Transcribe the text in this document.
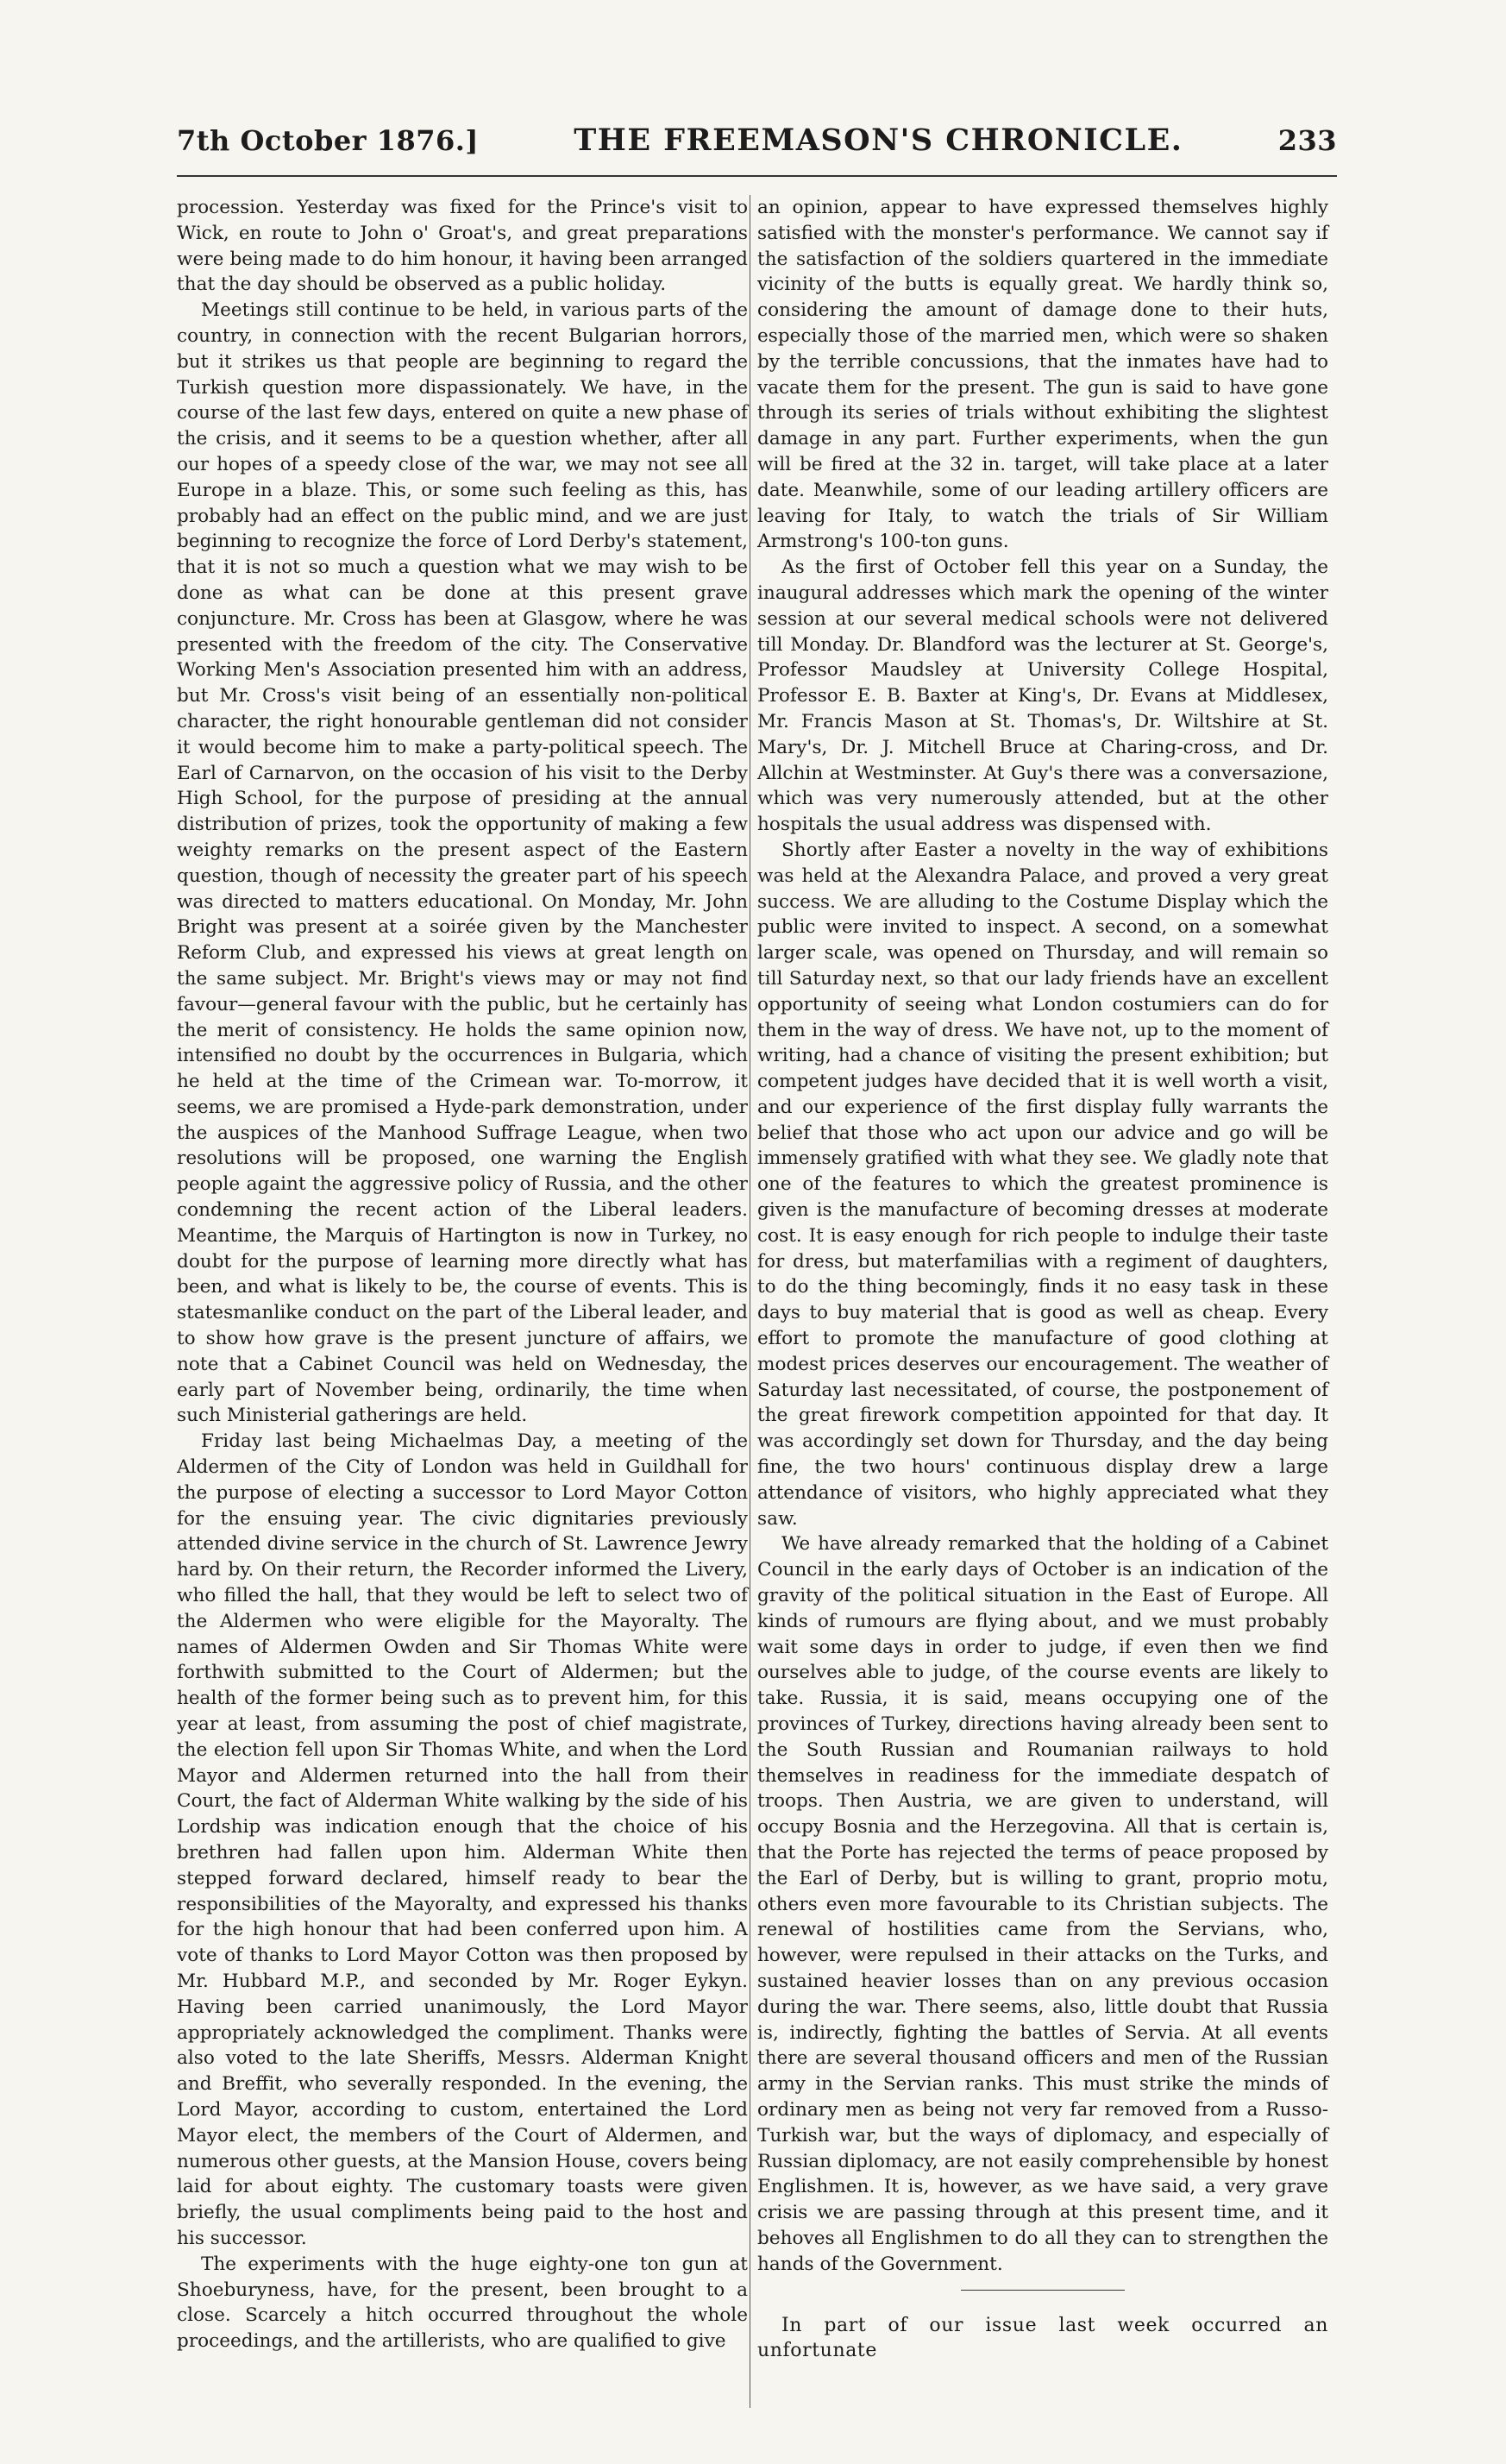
7th October 1876.]	THE FREEMASON'S CHRONICLE.	233

procession. Yesterday was fixed for the Prince's visit to Wick, en route to John o' Groat's, and great preparations were being made to do him honour, it having been arranged that the day should be observed as a public holiday.

Meetings still continue to be held, in various parts of the country, in connection with the recent Bulgarian horrors, but it strikes us that people are beginning to regard the Turkish question more dispassionately. We have, in the course of the last few days, entered on quite a new phase of the crisis, and it seems to be a question whether, after all our hopes of a speedy close of the war, we may not see all Europe in a blaze. This, or some such feeling as this, has probably had an effect on the public mind, and we are just beginning to recognize the force of Lord Derby's statement, that it is not so much a question what we may wish to be done as what can be done at this present grave conjuncture. Mr. Cross has been at Glasgow, where he was presented with the freedom of the city. The Conservative Working Men's Association presented him with an address, but Mr. Cross's visit being of an essentially non-political character, the right honourable gentleman did not consider it would become him to make a party-political speech. The Earl of Carnarvon, on the occasion of his visit to the Derby High School, for the purpose of presiding at the annual distribution of prizes, took the opportunity of making a few weighty remarks on the present aspect of the Eastern question, though of necessity the greater part of his speech was directed to matters educational. On Monday, Mr. John Bright was present at a soirée given by the Manchester Reform Club, and expressed his views at great length on the same subject. Mr. Bright's views may or may not find favour—general favour with the public, but he certainly has the merit of consistency. He holds the same opinion now, intensified no doubt by the occurrences in Bulgaria, which he held at the time of the Crimean war. To-morrow, it seems, we are promised a Hyde-park demonstration, under the auspices of the Manhood Suffrage League, when two resolutions will be proposed, one warning the English people againt the aggressive policy of Russia, and the other condemning the recent action of the Liberal leaders. Meantime, the Marquis of Hartington is now in Turkey, no doubt for the purpose of learning more directly what has been, and what is likely to be, the course of events. This is statesmanlike conduct on the part of the Liberal leader, and to show how grave is the present juncture of affairs, we note that a Cabinet Council was held on Wednesday, the early part of November being, ordinarily, the time when such Ministerial gatherings are held.

Friday last being Michaelmas Day, a meeting of the Aldermen of the City of London was held in Guildhall for the purpose of electing a successor to Lord Mayor Cotton for the ensuing year. The civic dignitaries previously attended divine service in the church of St. Lawrence Jewry hard by. On their return, the Recorder informed the Livery, who filled the hall, that they would be left to select two of the Aldermen who were eligible for the Mayoralty. The names of Aldermen Owden and Sir Thomas White were forthwith submitted to the Court of Aldermen; but the health of the former being such as to prevent him, for this year at least, from assuming the post of chief magistrate, the election fell upon Sir Thomas White, and when the Lord Mayor and Aldermen returned into the hall from their Court, the fact of Alderman White walking by the side of his Lordship was indication enough that the choice of his brethren had fallen upon him. Alderman White then stepped forward declared, himself ready to bear the responsibilities of the Mayoralty, and expressed his thanks for the high honour that had been conferred upon him. A vote of thanks to Lord Mayor Cotton was then proposed by Mr. Hubbard M.P., and seconded by Mr. Roger Eykyn. Having been carried unanimously, the Lord Mayor appropriately acknowledged the compliment. Thanks were also voted to the late Sheriffs, Messrs. Alderman Knight and Breffit, who severally responded. In the evening, the Lord Mayor, according to custom, entertained the Lord Mayor elect, the members of the Court of Aldermen, and numerous other guests, at the Mansion House, covers being laid for about eighty. The customary toasts were given briefly, the usual compliments being paid to the host and his successor.

The experiments with the huge eighty-one ton gun at Shoeburyness, have, for the present, been brought to a close. Scarcely a hitch occurred throughout the whole proceedings, and the artillerists, who are qualified to give

an opinion, appear to have expressed themselves highly satisfied with the monster's performance. We cannot say if the satisfaction of the soldiers quartered in the immediate vicinity of the butts is equally great. We hardly think so, considering the amount of damage done to their huts, especially those of the married men, which were so shaken by the terrible concussions, that the inmates have had to vacate them for the present. The gun is said to have gone through its series of trials without exhibiting the slightest damage in any part. Further experiments, when the gun will be fired at the 32 in. target, will take place at a later date. Meanwhile, some of our leading artillery officers are leaving for Italy, to watch the trials of Sir William Armstrong's 100-ton guns.

As the first of October fell this year on a Sunday, the inaugural addresses which mark the opening of the winter session at our several medical schools were not delivered till Monday. Dr. Blandford was the lecturer at St. George's, Professor Maudsley at University College Hospital, Professor E. B. Baxter at King's, Dr. Evans at Middlesex, Mr. Francis Mason at St. Thomas's, Dr. Wiltshire at St. Mary's, Dr. J. Mitchell Bruce at Charing-cross, and Dr. Allchin at Westminster. At Guy's there was a conversazione, which was very numerously attended, but at the other hospitals the usual address was dispensed with.

Shortly after Easter a novelty in the way of exhibitions was held at the Alexandra Palace, and proved a very great success. We are alluding to the Costume Display which the public were invited to inspect. A second, on a somewhat larger scale, was opened on Thursday, and will remain so till Saturday next, so that our lady friends have an excellent opportunity of seeing what London costumiers can do for them in the way of dress. We have not, up to the moment of writing, had a chance of visiting the present exhibition; but competent judges have decided that it is well worth a visit, and our experience of the first display fully warrants the belief that those who act upon our advice and go will be immensely gratified with what they see. We gladly note that one of the features to which the greatest prominence is given is the manufacture of becoming dresses at moderate cost. It is easy enough for rich people to indulge their taste for dress, but materfamilias with a regiment of daughters, to do the thing becomingly, finds it no easy task in these days to buy material that is good as well as cheap. Every effort to promote the manufacture of good clothing at modest prices deserves our encouragement. The weather of Saturday last necessitated, of course, the postponement of the great firework competition appointed for that day. It was accordingly set down for Thursday, and the day being fine, the two hours' continuous display drew a large attendance of visitors, who highly appreciated what they saw.

We have already remarked that the holding of a Cabinet Council in the early days of October is an indication of the gravity of the political situation in the East of Europe. All kinds of rumours are flying about, and we must probably wait some days in order to judge, if even then we find ourselves able to judge, of the course events are likely to take. Russia, it is said, means occupying one of the provinces of Turkey, directions having already been sent to the South Russian and Roumanian railways to hold themselves in readiness for the immediate despatch of troops. Then Austria, we are given to understand, will occupy Bosnia and the Herzegovina. All that is certain is, that the Porte has rejected the terms of peace proposed by the Earl of Derby, but is willing to grant, proprio motu, others even more favourable to its Christian subjects. The renewal of hostilities came from the Servians, who, however, were repulsed in their attacks on the Turks, and sustained heavier losses than on any previous occasion during the war. There seems, also, little doubt that Russia is, indirectly, fighting the battles of Servia. At all events there are several thousand officers and men of the Russian army in the Servian ranks. This must strike the minds of ordinary men as being not very far removed from a Russo-Turkish war, but the ways of diplomacy, and especially of Russian diplomacy, are not easily comprehensible by honest Englishmen. It is, however, as we have said, a very grave crisis we are passing through at this present time, and it behoves all Englishmen to do all they can to strengthen the hands of the Government.

In part of our issue last week occurred an unfortunate
